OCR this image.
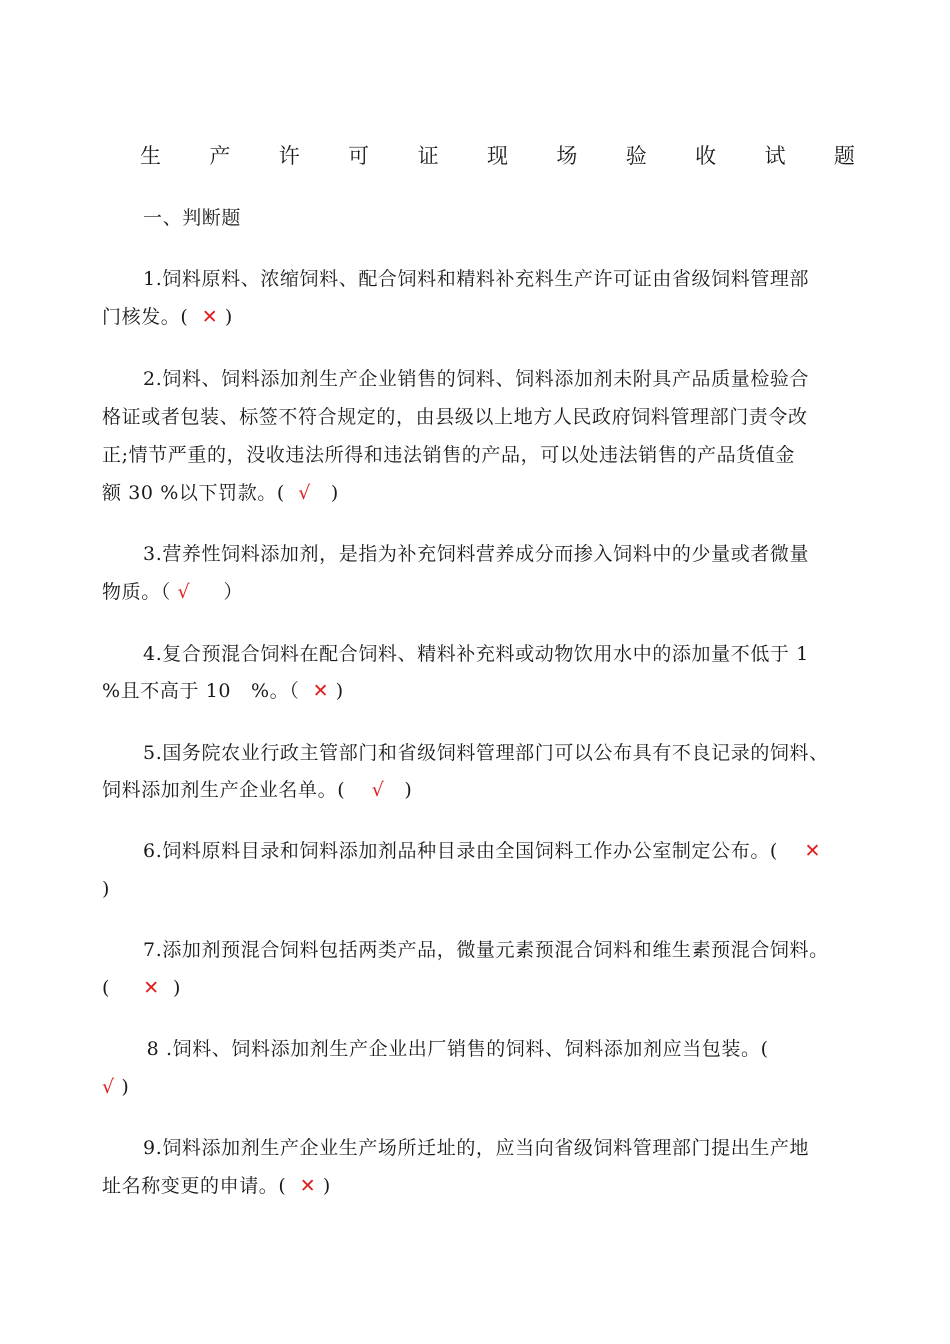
生 产 许 可 证 现 场 验 收 试 题
一、判断题
1.饲料原料、浓缩饲料、配合饲料和精料补充料生产许可证由省级饲料管理部
门核发。(  ✕ )
2.饲料、饲料添加剂生产企业销售的饲料、饲料添加剂未附具产品质量检验合
格证或者包装、标签不符合规定的，由县级以上地方人民政府饲料管理部门责令改
正;情节严重的，没收违法所得和违法销售的产品，可以处违法销售的产品货值金
额 30 %以下罚款。(  √   )
3.营养性饲料添加剂，是指为补充饲料营养成分而掺入饲料中的少量或者微量
物质。（ √     ）
4.复合预混合饲料在配合饲料、精料补充料或动物饮用水中的添加量不低于 1
%且不高于 10   %。（  ✕ )
5.国务院农业行政主管部门和省级饲料管理部门可以公布具有不良记录的饲料、
饲料添加剂生产企业名单。(    √   )
6.饲料原料目录和饲料添加剂品种目录由全国饲料工作办公室制定公布。(    ✕
)
7.添加剂预混合饲料包括两类产品，微量元素预混合饲料和维生素预混合饲料。
(     ✕  )
8 .饲料、饲料添加剂生产企业出厂销售的饲料、饲料添加剂应当包装。(
√ )
9.饲料添加剂生产企业生产场所迁址的，应当向省级饲料管理部门提出生产地
址名称变更的申请。(  ✕ )
